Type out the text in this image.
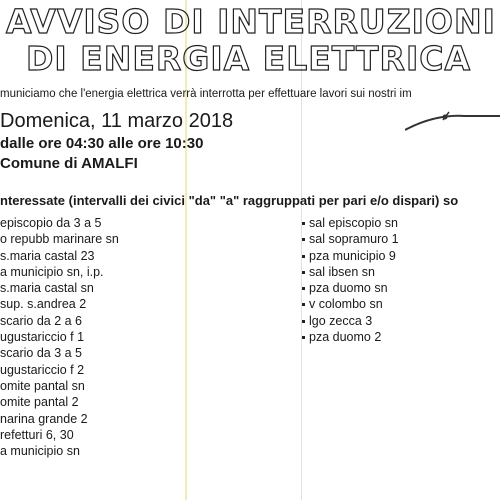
AVVISO DI INTERRUZIONI
DI ENERGIA ELETTRICA
municiamo che l'energia elettrica verrà interrotta per effettuare lavori sui nostri im
Domenica, 11 marzo 2018
dalle ore 04:30 alle ore 10:30
Comune di AMALFI
nteressate (intervalli dei civici "da" "a" raggruppati per pari e/o dispari) so
episcopio da 3 a 5
o repubb marinare sn
s.maria castal 23
a municipio sn, i.p.
s.maria castal sn
sup. s.andrea 2
scario da 2 a 6
ugustariccio f 1
scario da 3 a 5
ugustariccio f 2
omite pantal sn
omite pantal 2
narina grande 2
refetturi 6, 30
a municipio sn
sal episcopio sn
sal sopramuro 1
pza municipio 9
sal ibsen sn
pza duomo sn
v colombo sn
lgo zecca 3
pza duomo 2
